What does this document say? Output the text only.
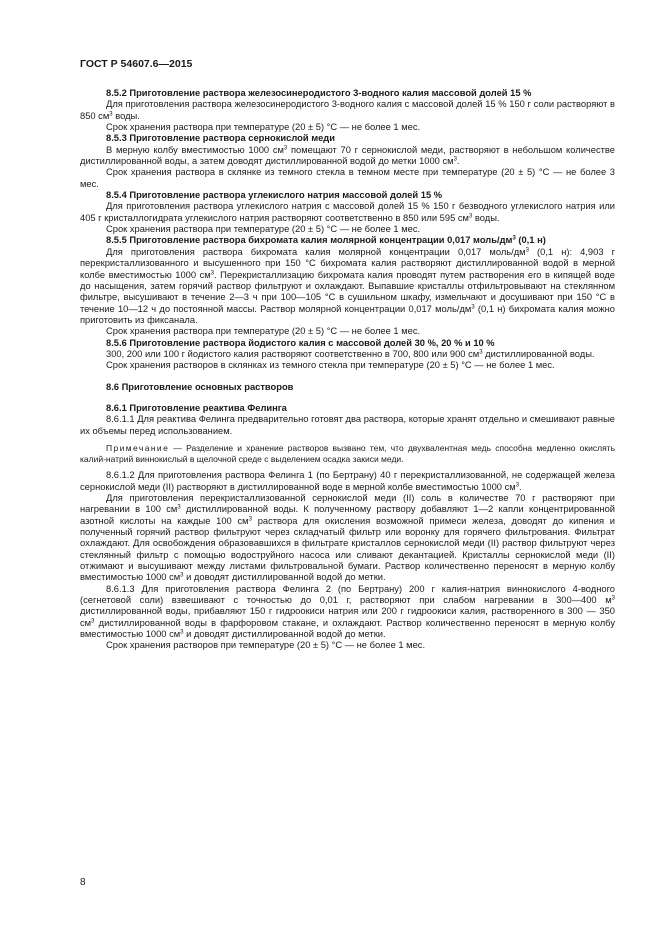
ГОСТ Р 54607.6—2015

8.5.2 Приготовление раствора железосинеродистого 3-водного калия массовой долей 15 %

Для приготовления раствора железосинеродистого 3-водного калия с массовой долей 15 % 150 г соли растворяют в 850 $см^3$ воды.

Срок хранения раствора при температуре (20 ± 5) °С — не более 1 мес.

8.5.3 Приготовление раствора сернокислой меди

В мерную колбу вместимостью 1000 $см^3$ помещают 70 г сернокислой меди, растворяют в небольшом количестве дистиллированной воды, а затем доводят дистиллированной водой до метки 1000 $см^3$.

Срок хранения раствора в склянке из темного стекла в темном месте при температуре (20 ± 5) °С — не более 3 мес.

8.5.4 Приготовление раствора углекислого натрия массовой долей 15 %

Для приготовления раствора углекислого натрия с массовой долей 15 % 150 г безводного углекислого натрия или 405 г кристаллогидрата углекислого натрия растворяют соответственно в 850 или 595 $см^3$ воды.

Срок хранения раствора при температуре (20 ± 5) °С — не более 1 мес.

8.5.5 Приготовление раствора бихромата калия молярной концентрации 0,017 моль/$дм^3$ (0,1 н)

Для приготовления раствора бихромата калия молярной концентрации 0,017 моль/$дм^3$ (0,1 н): 4,903 г перекристаллизованного и высушенного при 150 °С бихромата калия растворяют дистиллированной водой в мерной колбе вместимостью 1000 $см^3$. Перекристаллизацию бихромата калия проводят путем растворения его в кипящей воде до насыщения, затем горячий раствор фильтруют и охлаждают. Выпавшие кристаллы отфильтровывают на стеклянном фильтре, высушивают в течение 2—3 ч при 100—105 °С в сушильном шкафу, измельчают и досушивают при 150 °С в течение 10—12 ч до постоянной массы. Раствор молярной концентрации 0,017 моль/$дм^3$ (0,1 н) бихромата калия можно приготовить из фиксанала.

Срок хранения раствора при температуре (20 ± 5) °С — не более 1 мес.

8.5.6 Приготовление раствора йодистого калия с массовой долей 30 %, 20 % и 10 %

300, 200 или 100 г йодистого калия растворяют соответственно в 700, 800 или 900 $см^3$ дистиллированной воды.

Срок хранения растворов в склянках из темного стекла при температуре (20 ± 5) °С — не более 1 мес.

8.6 Приготовление основных растворов

8.6.1 Приготовление реактива Фелинга

8.6.1.1 Для реактива Фелинга предварительно готовят два раствора, которые хранят отдельно и смешивают равные их объемы перед использованием.

Примечание — Разделение и хранение растворов вызвано тем, что двухвалентная медь способна медленно окислять калий-натрий виннокислый в щелочной среде с выделением осадка закиси меди.

8.6.1.2 Для приготовления раствора Фелинга 1 (по Бертрану) 40 г перекристаллизованной, не содержащей железа сернокислой меди (II) растворяют в дистиллированной воде в мерной колбе вместимостью 1000 $см^3$.

Для приготовления перекристаллизованной сернокислой меди (II) соль в количестве 70 г растворяют при нагревании в 100 $см^3$ дистиллированной воды. К полученному раствору добавляют 1—2 капли концентрированной азотной кислоты на каждые 100 $см^3$ раствора для окисления возможной примеси железа, доводят до кипения и полученный горячий раствор фильтруют через складчатый фильтр или воронку для горячего фильтрования. Фильтрат охлаждают. Для освобождения образовавшихся в фильтрате кристаллов сернокислой меди (II) раствор фильтруют через стеклянный фильтр с помощью водоструйного насоса или сливают декантацией. Кристаллы сернокислой меди (II) отжимают и высушивают между листами фильтровальной бумаги. Раствор количественно переносят в мерную колбу вместимостью 1000 $см^3$ и доводят дистиллированной водой до метки.

8.6.1.3 Для приготовления раствора Фелинга 2 (по Бертрану) 200 г калия-натрия виннокислого 4-водного (сегнетовой соли) взвешивают с точностью до 0,01 г, растворяют при слабом нагревании в 300—400 $м^3$ дистиллированной воды, прибавляют 150 г гидроокиси натрия или 200 г гидроокиси калия, растворенного в 300 — 350 $см^3$ дистиллированной воды в фарфоровом стакане, и охлаждают. Раствор количественно переносят в мерную колбу вместимостью 1000 $см^3$ и доводят дистиллированной водой до метки.

Срок хранения растворов при температуре (20 ± 5) °С — не более 1 мес.

8
